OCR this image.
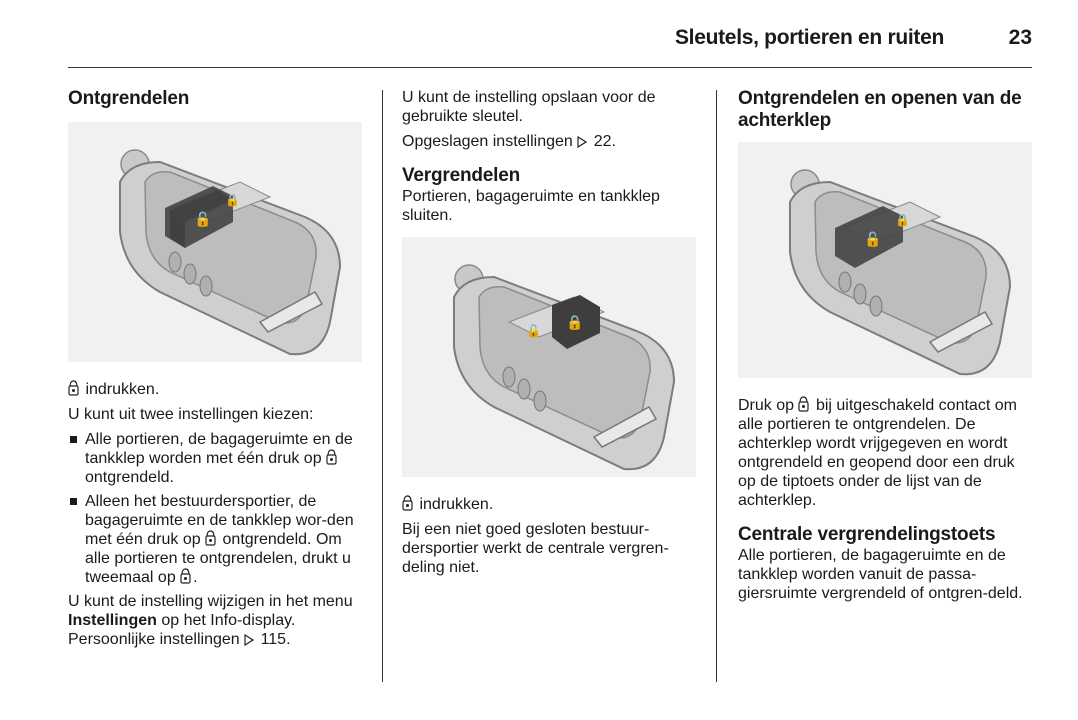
Sleutels, portieren en ruiten	23
Ontgrendelen
🔓
🔒

indrukken.

U kunt uit twee instellingen kiezen:

Alle portieren, de bagageruimte en de tankklep worden met één druk op  ontgrendeld.
Alleen het bestuurdersportier, de bagageruimte en de tankklep wor-den met één druk op ontgrendeld. Om alle portieren te ontgrendelen, drukt u tweemaal op .

U kunt de instelling wijzigen in het menu Instellingen op het Info-display. Persoonlijke instellingen 115.

U kunt de instelling opslaan voor de gebruikte sleutel.

Opgeslagen instellingen 22.

Vergrendelen

Portieren, bagageruimte en tankklep sluiten.

🔓 🔒

indrukken.

Bij een niet goed gesloten bestuur-dersportier werkt de centrale vergren-deling niet.

Ontgrendelen en openen van de achterklep
🔓
🔒

Druk op bij uitgeschakeld contact om alle portieren te ontgrendelen. De achterklep wordt vrijgegeven en wordt ontgrendeld en geopend door een druk op de tiptoets onder de lijst van de achterklep.

Centrale vergrendelingstoets

Alle portieren, de bagageruimte en de tankklep worden vanuit de passa-giersruimte vergrendeld of ontgren-deld.
